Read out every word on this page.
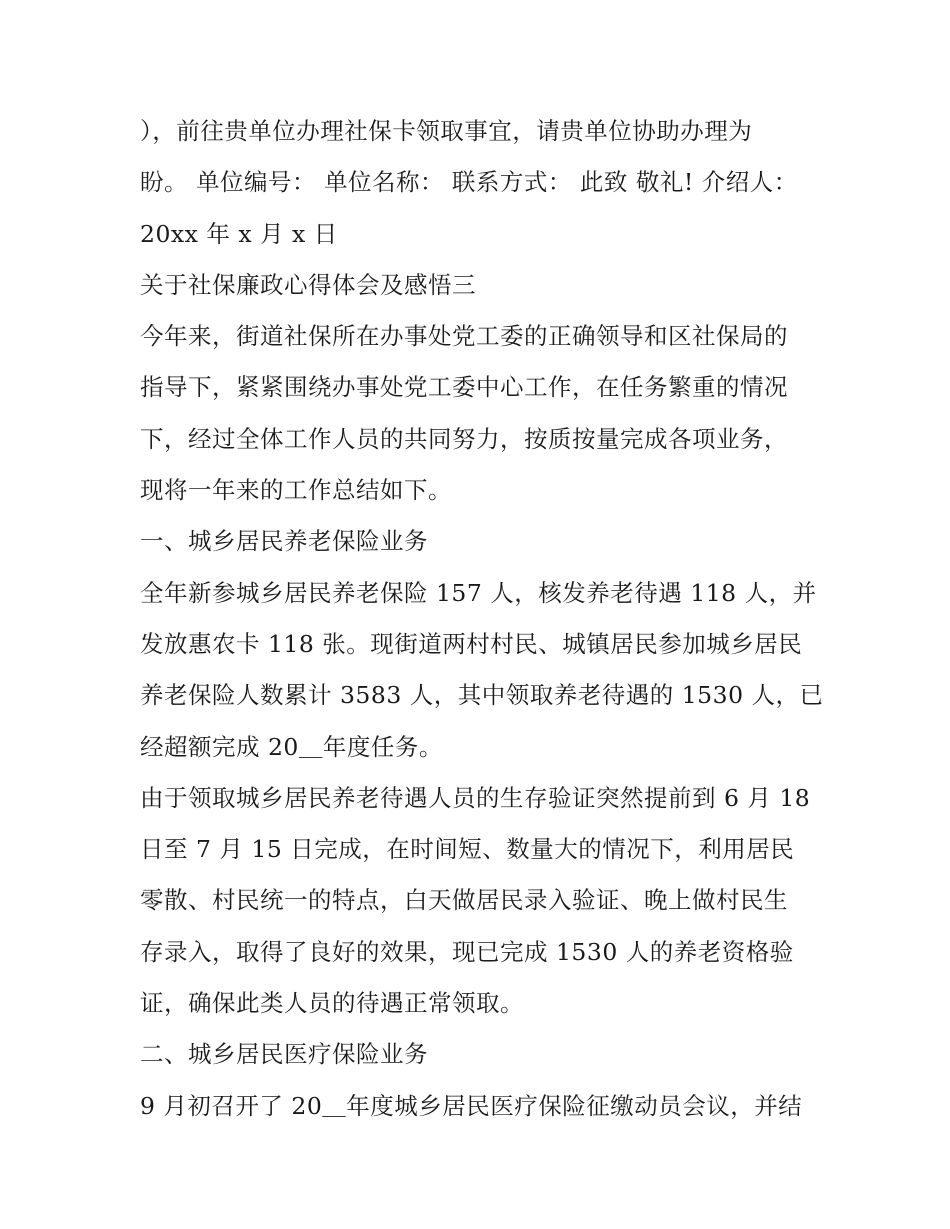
），前往贵单位办理社保卡领取事宜，请贵单位协助办理为
盼。 单位编号： 单位名称： 联系方式： 此致 敬礼! 介绍人：
20xx 年 x 月 x 日
关于社保廉政心得体会及感悟三
今年来，街道社保所在办事处党工委的正确领导和区社保局的
指导下，紧紧围绕办事处党工委中心工作，在任务繁重的情况
下，经过全体工作人员的共同努力，按质按量完成各项业务，
现将一年来的工作总结如下。
一、城乡居民养老保险业务
全年新参城乡居民养老保险 157 人，核发养老待遇 118 人，并
发放惠农卡 118 张。现街道两村村民、城镇居民参加城乡居民
养老保险人数累计 3583 人，其中领取养老待遇的 1530 人，已
经超额完成 20＿年度任务。
由于领取城乡居民养老待遇人员的生存验证突然提前到 6 月 18
日至 7 月 15 日完成，在时间短、数量大的情况下，利用居民
零散、村民统一的特点，白天做居民录入验证、晚上做村民生
存录入，取得了良好的效果，现已完成 1530 人的养老资格验
证，确保此类人员的待遇正常领取。
二、城乡居民医疗保险业务
9 月初召开了 20＿年度城乡居民医疗保险征缴动员会议，并结
